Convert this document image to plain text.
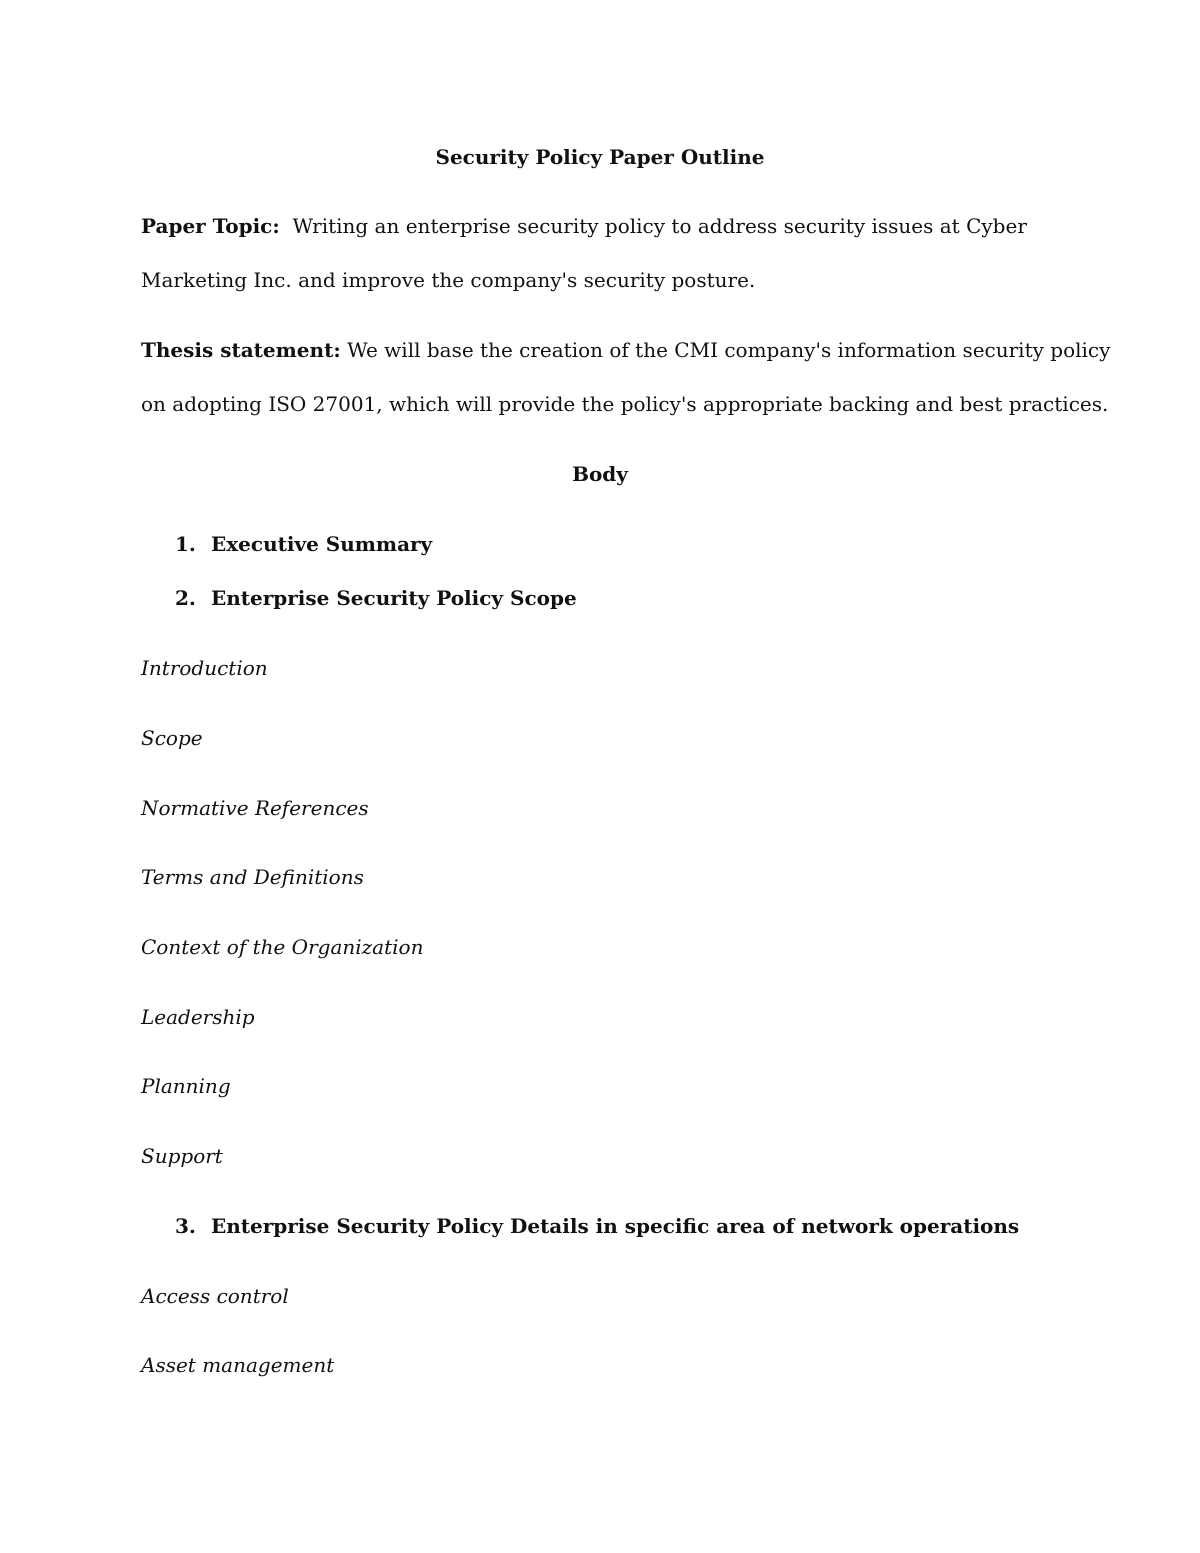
Security Policy Paper Outline
Paper Topic: Writing an enterprise security policy to address security issues at Cyber
Marketing Inc. and improve the company's security posture.
Thesis statement: We will base the creation of the CMI company's information security policy
on adopting ISO 27001, which will provide the policy's appropriate backing and best practices.
Body
1. Executive Summary
2. Enterprise Security Policy Scope
Introduction
Scope
Normative References
Terms and Definitions
Context of the Organization
Leadership
Planning
Support
3. Enterprise Security Policy Details in specific area of network operations
Access control
Asset management
